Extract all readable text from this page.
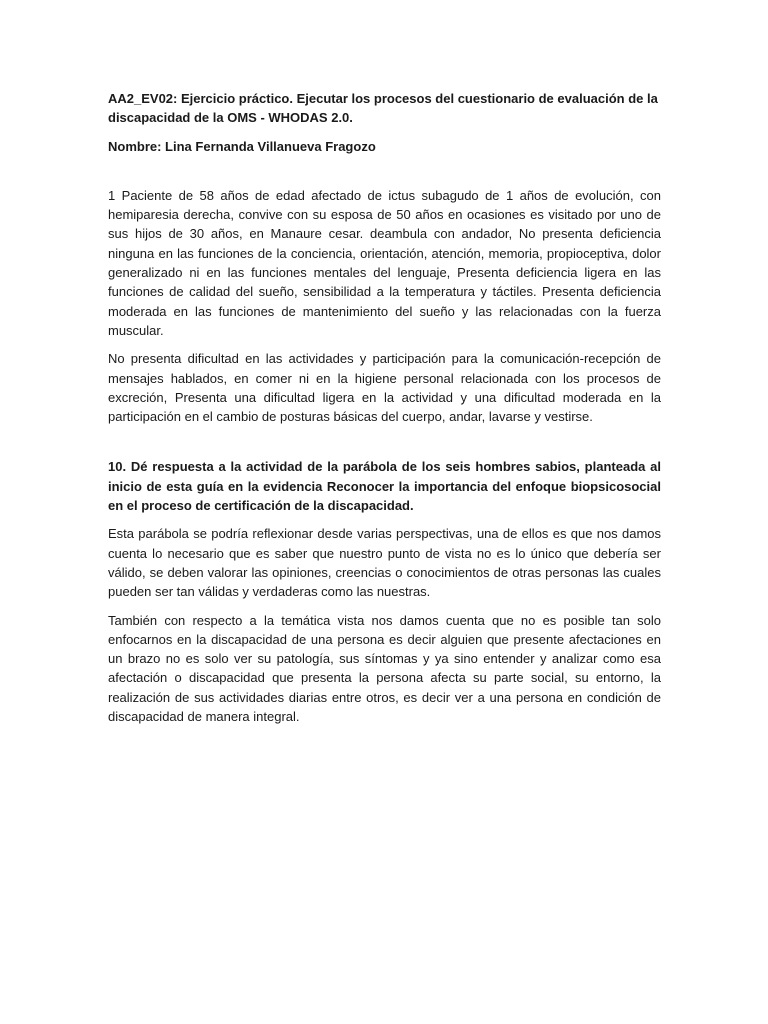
AA2_EV02: Ejercicio práctico. Ejecutar los procesos del cuestionario de evaluación de la discapacidad de la OMS - WHODAS 2.0.

Nombre: Lina Fernanda Villanueva Fragozo

1 Paciente de 58 años de edad afectado de ictus subagudo de 1 años de evolución, con hemiparesia derecha, convive con su esposa de 50 años en ocasiones es visitado por uno de sus hijos de 30 años, en Manaure cesar. deambula con andador, No presenta deficiencia ninguna en las funciones de la conciencia, orientación, atención, memoria, propioceptiva, dolor generalizado ni en las funciones mentales del lenguaje, Presenta deficiencia ligera en las funciones de calidad del sueño, sensibilidad a la temperatura y táctiles. Presenta deficiencia moderada en las funciones de mantenimiento del sueño y las relacionadas con la fuerza muscular.

No presenta dificultad en las actividades y participación para la comunicación-recepción de mensajes hablados, en comer ni en la higiene personal relacionada con los procesos de excreción, Presenta una dificultad ligera en la actividad y una dificultad moderada en la participación en el cambio de posturas básicas del cuerpo, andar, lavarse y vestirse.

10. Dé respuesta a la actividad de la parábola de los seis hombres sabios, planteada al inicio de esta guía en la evidencia Reconocer la importancia del enfoque biopsicosocial en el proceso de certificación de la discapacidad.

Esta parábola se podría reflexionar desde varias perspectivas, una de ellos es que nos damos cuenta lo necesario que es saber que nuestro punto de vista no es lo único que debería ser válido, se deben valorar las opiniones, creencias o conocimientos de otras personas las cuales pueden ser tan válidas y verdaderas como las nuestras.

También con respecto a la temática vista nos damos cuenta que no es posible tan solo enfocarnos en la discapacidad de una persona es decir alguien que presente afectaciones en un brazo no es solo ver su patología, sus síntomas y ya sino entender y analizar como esa afectación o discapacidad que presenta la persona afecta su parte social, su entorno, la realización de sus actividades diarias entre otros, es decir ver a una persona en condición de discapacidad de manera integral.
